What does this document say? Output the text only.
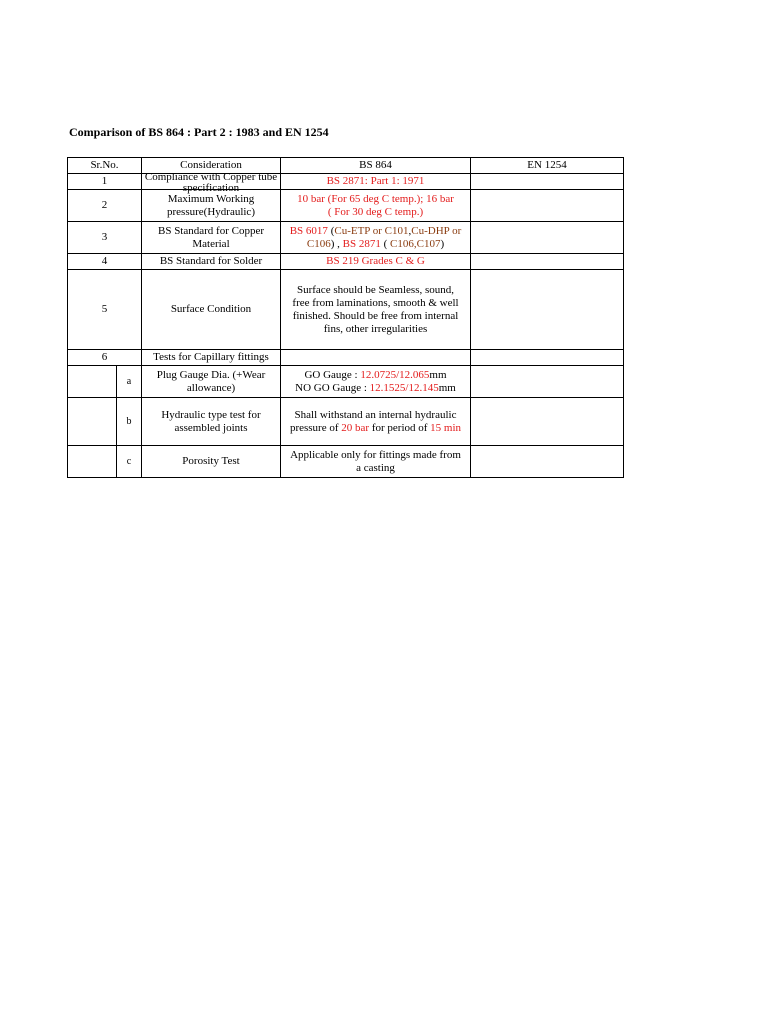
Comparison of BS 864 : Part 2 : 1983 and EN 1254
Sr.No.		Consideration	BS 864	EN 1254
1		Compliance with Copper tube specification	BS 2871: Part 1: 1971	
2		Maximum Working pressure(Hydraulic)	10 bar (For 65 deg C temp.); 16 bar
( For 30 deg C temp.)	
3		BS Standard for Copper Material	BS 6017 (Cu-ETP or C101,Cu-DHP or C106) , BS 2871 ( C106,C107)	
4		BS Standard for Solder	BS 219 Grades C & G	
5		Surface Condition	Surface should be Seamless, sound, free from laminations, smooth & well finished. Should be free from internal fins, other irregularities	
6		Tests for Capillary fittings		
	a	Plug Gauge Dia. (+Wear allowance)	GO Gauge : 12.0725/12.065mm
NO GO Gauge : 12.1525/12.145mm	
	b	Hydraulic type test for assembled joints	Shall withstand an internal hydraulic pressure of 20 bar for period of 15 min	
	c	Porosity Test	Applicable only for fittings made from a casting	
